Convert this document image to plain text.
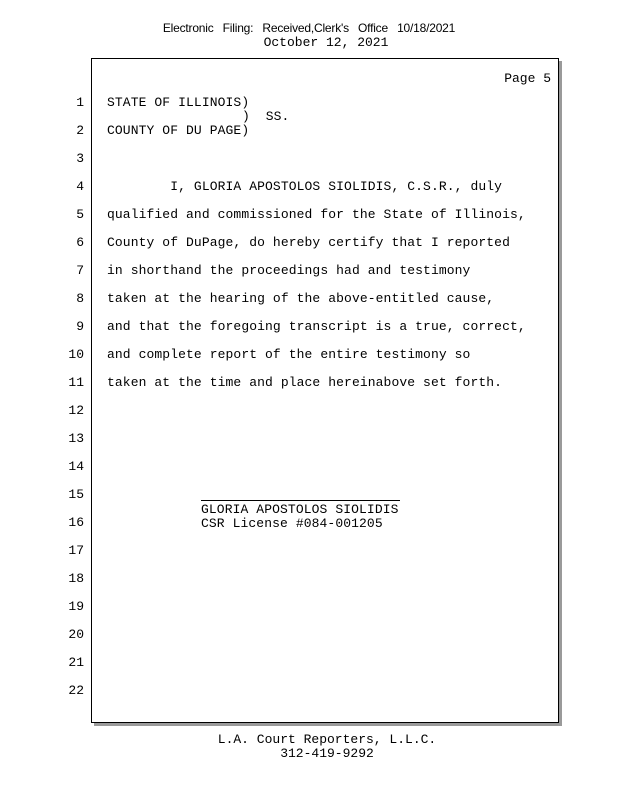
Electronic Filing: Received,Clerk's Office 10/18/2021
October 12, 2021
Page 5
1
2
3
4
5
6
7
8
9
10
11
12
13
14
15
16
17
18
19
20
21
22
STATE OF ILLINOIS)
)  SS.
COUNTY OF DU PAGE)
I, GLORIA APOSTOLOS SIOLIDIS, C.S.R., duly
qualified and commissioned for the State of Illinois,
County of DuPage, do hereby certify that I reported
in shorthand the proceedings had and testimony
taken at the hearing of the above-entitled cause,
and that the foregoing transcript is a true, correct,
and complete report of the entire testimony so
taken at the time and place hereinabove set forth.
GLORIA APOSTOLOS SIOLIDIS
CSR License #084-001205
L.A. Court Reporters, L.L.C.
312-419-9292
